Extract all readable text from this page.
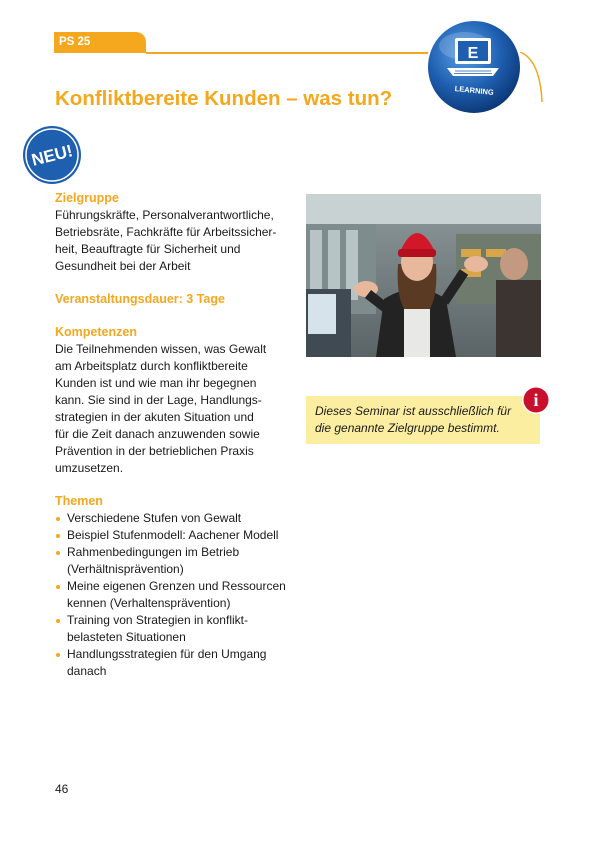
PS 25
E
LEARNING
Konfliktbereite Kunden – was tun?
NEU!
Zielgruppe

Führungskräfte, Personalverantwortliche,
Betriebsräte, Fachkräfte für Arbeitssicher-
heit, Beauftragte für Sicherheit und
Gesundheit bei der Arbeit

Veranstaltungsdauer: 3 Tage
Kompetenzen

Die Teilnehmenden wissen, was Gewalt
am Arbeitsplatz durch konfliktbereite
Kunden ist und wie man ihr begegnen
kann. Sie sind in der Lage, Handlungs-
strategien in der akuten Situation und
für die Zeit danach anzuwenden sowie
Prävention in der betrieblichen Praxis
umzusetzen.

Themen
Verschiedene Stufen von Gewalt
Beispiel Stufenmodell: Aachener Modell
Rahmenbedingungen im Betrieb
(Verhältnisprävention)
Meine eigenen Grenzen und Ressourcen
kennen (Verhaltensprävention)
Training von Strategien in konflikt-
belasteten Situationen
Handlungsstrategien für den Umgang
danach
Dieses Seminar ist ausschließlich für
die genannte Zielgruppe bestimmt.
i
46
